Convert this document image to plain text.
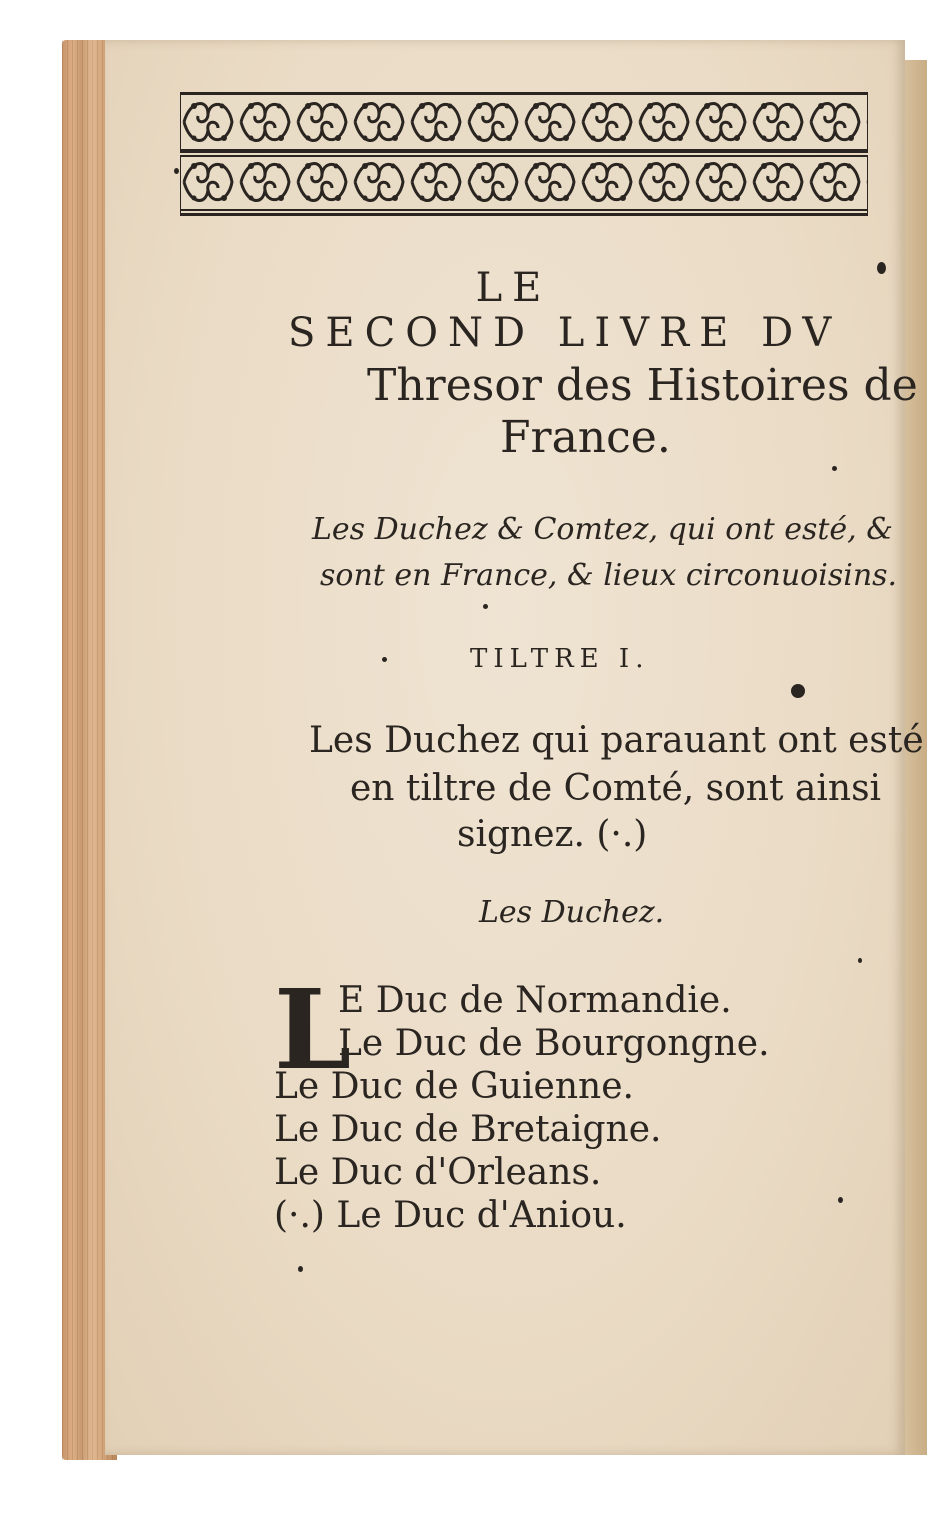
LE
SECOND LIVRE DV
Thresor des Histoires de
France.
Les Duchez & Comtez, qui ont esté, &
sont en France, & lieux circonuoisins.
TILTRE I.
Les Duchez qui parauant ont esté
en tiltre de Comté, sont ainsi
signez. (·.)
Les Duchez.
L
E Duc de Normandie.
Le Duc de Bourgongne.
Le Duc de Guienne.
Le Duc de Bretaigne.
Le Duc d'Orleans.
(·.) Le Duc d'Aniou.
